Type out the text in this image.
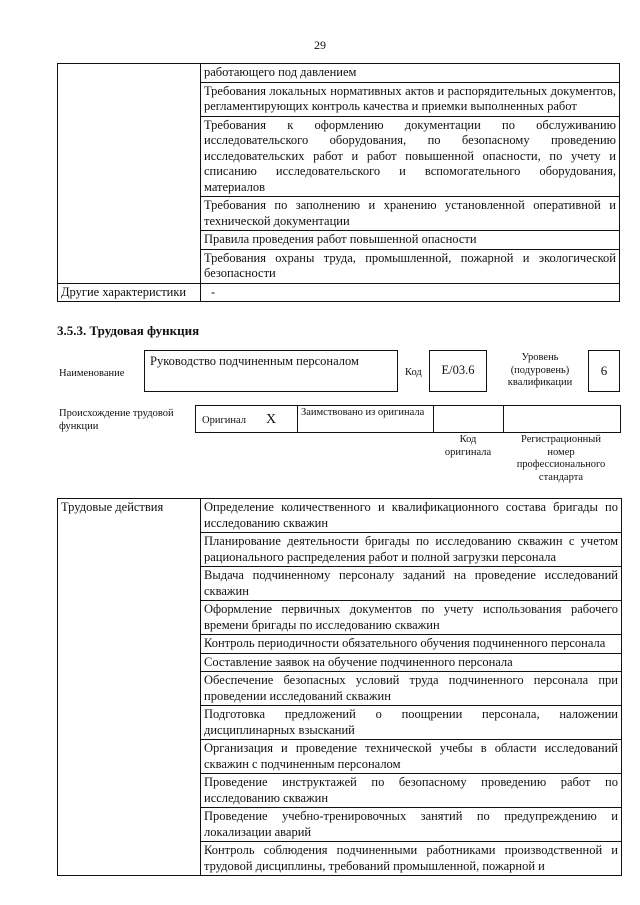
29
	работающего под давлением
	Требования локальных нормативных актов и распорядительных документов, регламентирующих контроль качества и приемки выполненных работ
	Требования к оформлению документации по обслуживанию исследовательского оборудования, по безопасному проведению исследовательских работ и работ повышенной опасности, по учету и списанию исследовательского и вспомогательного оборудования, материалов
	Требования по заполнению и хранению установленной оперативной и технической документации
	Правила проведения работ повышенной опасности
	Требования охраны труда, промышленной, пожарной и экологической безопасности
Другие характеристики	-
3.5.3. Трудовая функция
Наименование
Руководство подчиненным персоналом
Код	E/03.6
Уровень (подуровень) квалификации
6
Происхождение трудовой функции	Оригинал X Заимствовано из оригинала
Код оригинала
Регистрационный номер профессионального стандарта
Трудовые действия	Определение количественного и квалификационного состава бригады по исследованию скважин
Планирование деятельности бригады по исследованию скважин с учетом рационального распределения работ и полной загрузки персонала
Выдача подчиненному персоналу заданий на проведение исследований скважин
Оформление первичных документов по учету использования рабочего времени бригады по исследованию скважин
Контроль периодичности обязательного обучения подчиненного персонала
Составление заявок на обучение подчиненного персонала
Обеспечение безопасных условий труда подчиненного персонала при проведении исследований скважин
Подготовка предложений о поощрении персонала, наложении дисциплинарных взысканий
Организация и проведение технической учебы в области исследований скважин с подчиненным персоналом
Проведение инструктажей по безопасному проведению работ по исследованию скважин
Проведение учебно-тренировочных занятий по предупреждению и локализации аварий
Контроль соблюдения подчиненными работниками производственной и трудовой дисциплины, требований промышленной, пожарной и
